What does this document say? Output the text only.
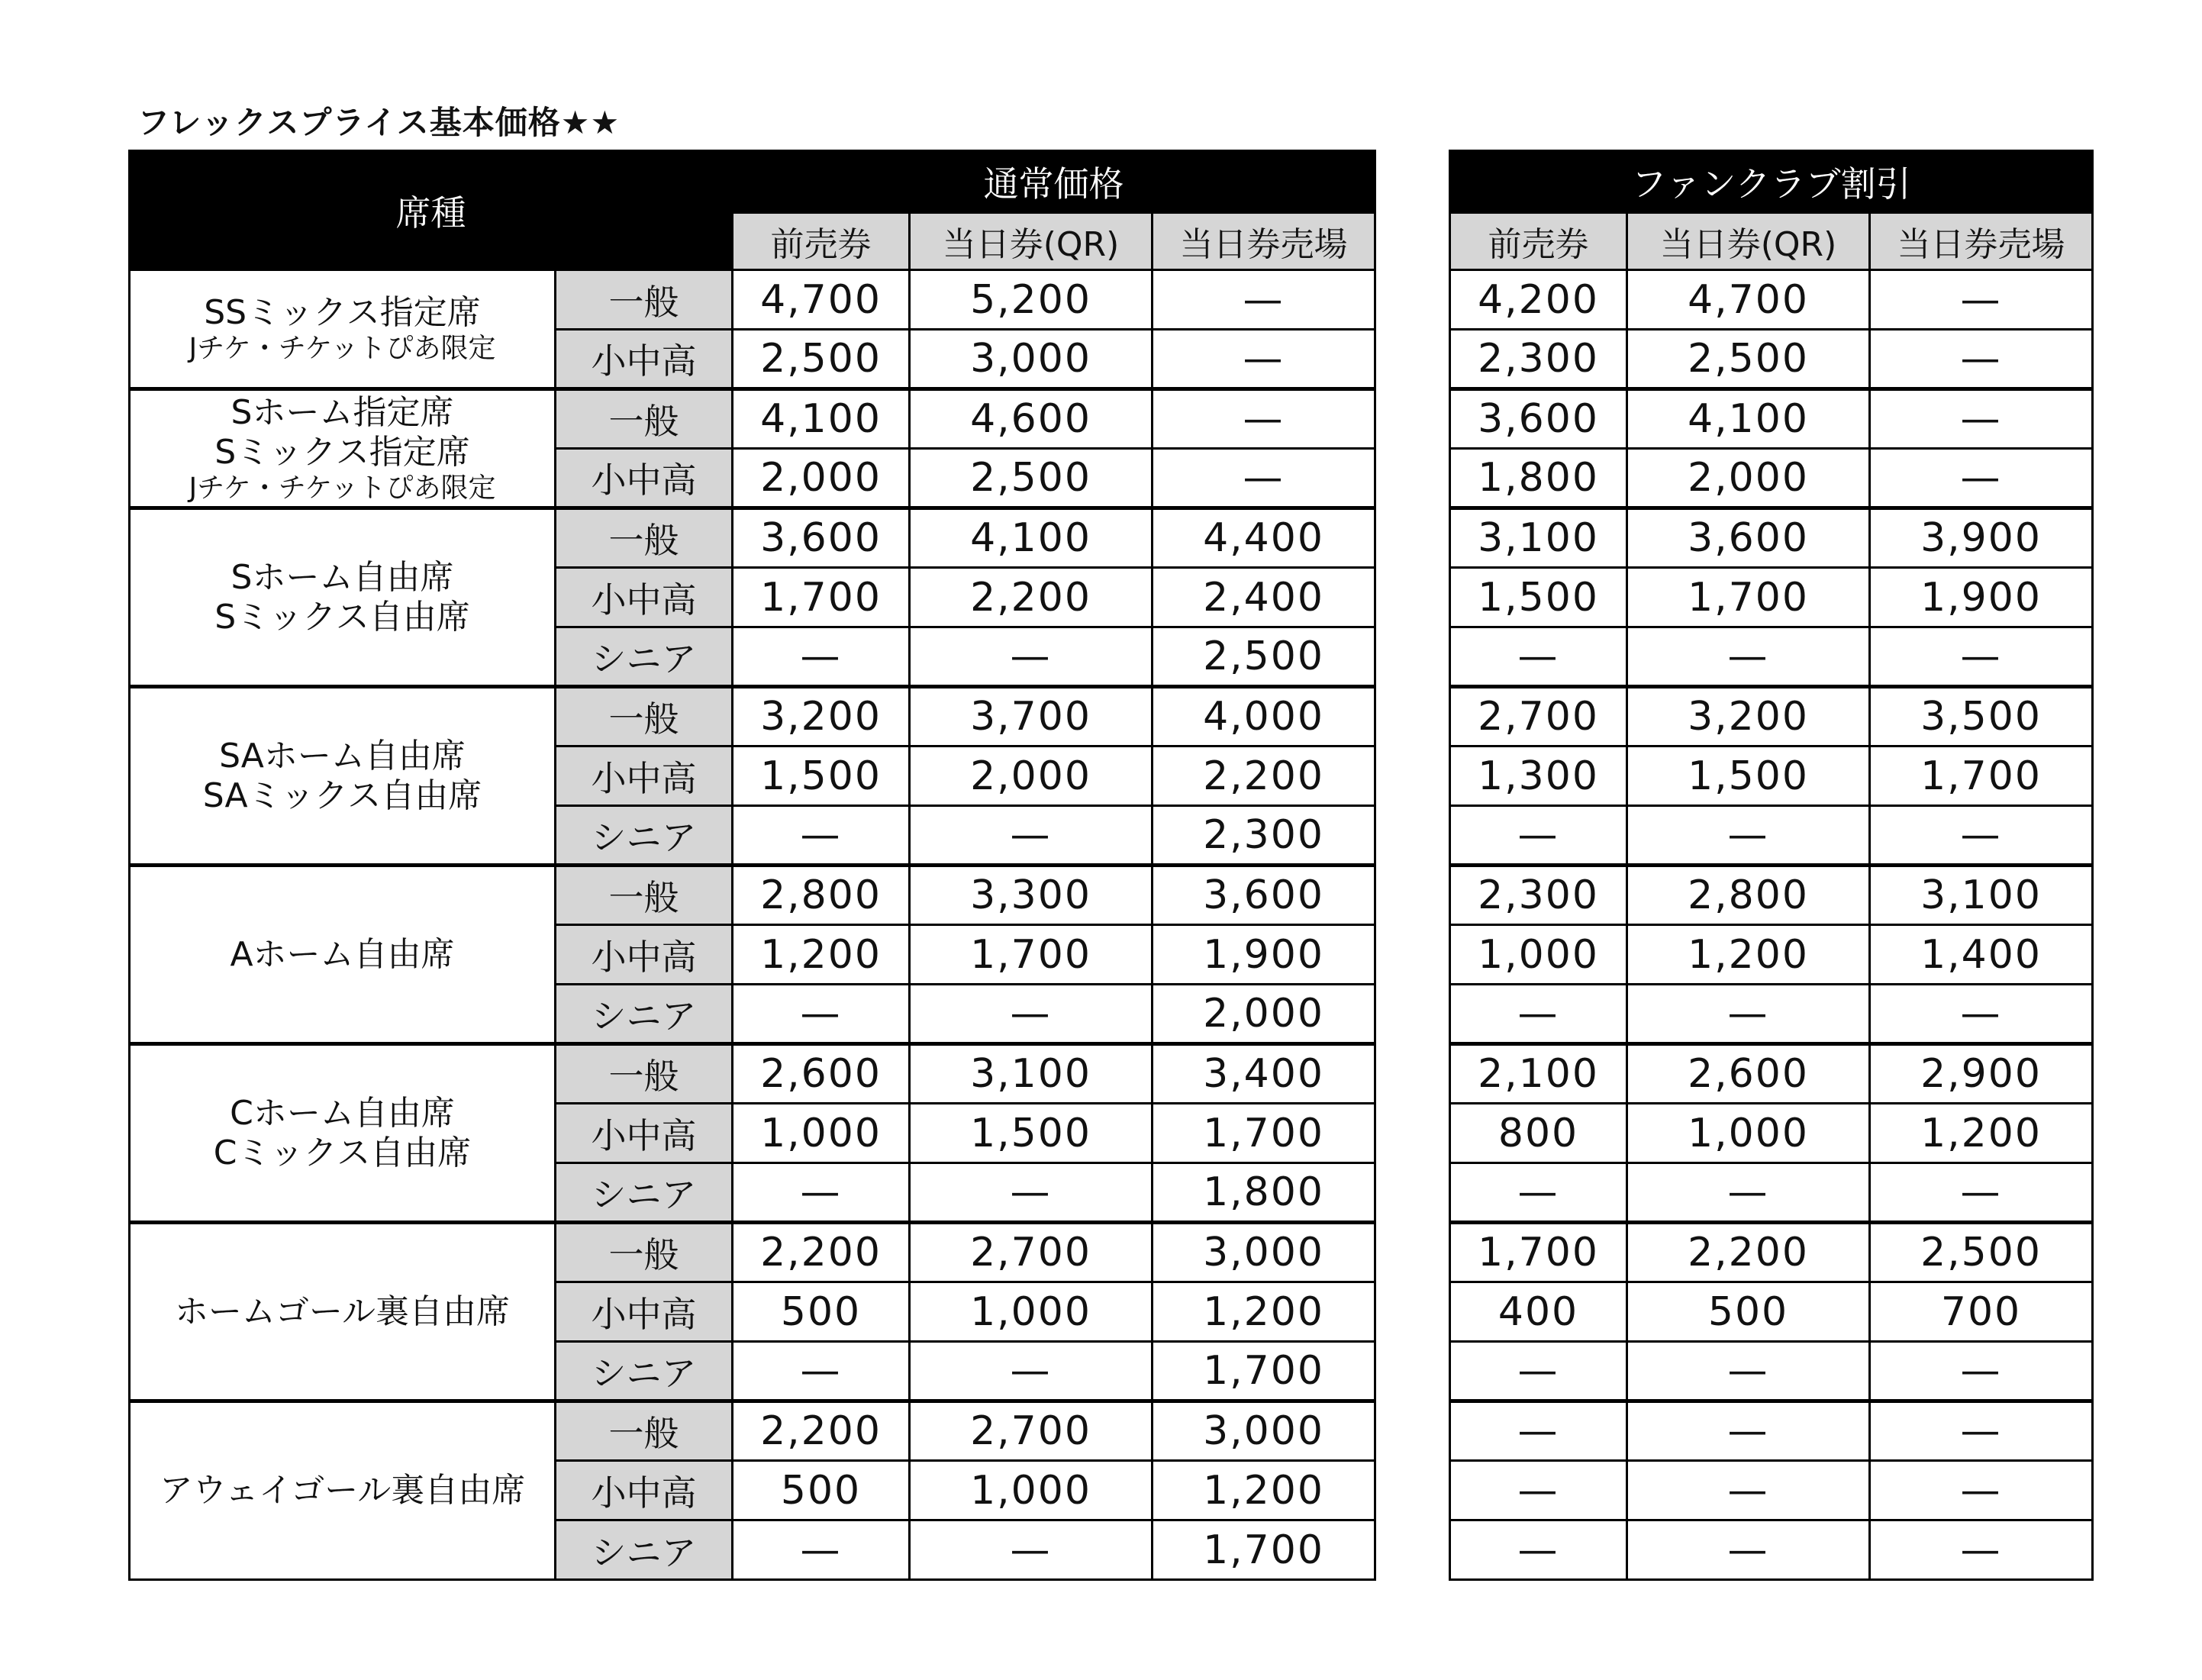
フレックスプライス基本価格★★
席種		通常価格				ファンクラブ割引		
		前売券	当日券(QR)	当日券売場		前売券	当日券(QR)	当日券売場

SSミックス指定席
Jチケ・チケットぴあ限定	一般	4,700	5,200	—		4,200	4,700	—
	小中高	2,500	3,000	—		2,300	2,500	—

Sホーム指定席
Sミックス指定席
Jチケ・チケットぴあ限定	一般	4,100	4,600	—		3,600	4,100	—
	小中高	2,000	2,500	—		1,800	2,000	—

Sホーム自由席
Sミックス自由席	一般	3,600	4,100	4,400		3,100	3,600	3,900
	小中高	1,700	2,200	2,400		1,500	1,700	1,900
	シニア	—	—	2,500		—	—	—

SAホーム自由席
SAミックス自由席	一般	3,200	3,700	4,000		2,700	3,200	3,500
	小中高	1,500	2,000	2,200		1,300	1,500	1,700
	シニア	—	—	2,300		—	—	—

Aホーム自由席	一般	2,800	3,300	3,600		2,300	2,800	3,100
	小中高	1,200	1,700	1,900		1,000	1,200	1,400
	シニア	—	—	2,000		—	—	—

Cホーム自由席
Cミックス自由席	一般	2,600	3,100	3,400		2,100	2,600	2,900
	小中高	1,000	1,500	1,700		800	1,000	1,200
	シニア	—	—	1,800		—	—	—

ホームゴール裏自由席	一般	2,200	2,700	3,000		1,700	2,200	2,500
	小中高	500	1,000	1,200		400	500	700
	シニア	—	—	1,700		—	—	—

アウェイゴール裏自由席	一般	2,200	2,700	3,000		—	—	—
	小中高	500	1,000	1,200		—	—	—
	シニア	—	—	1,700		—	—	—
